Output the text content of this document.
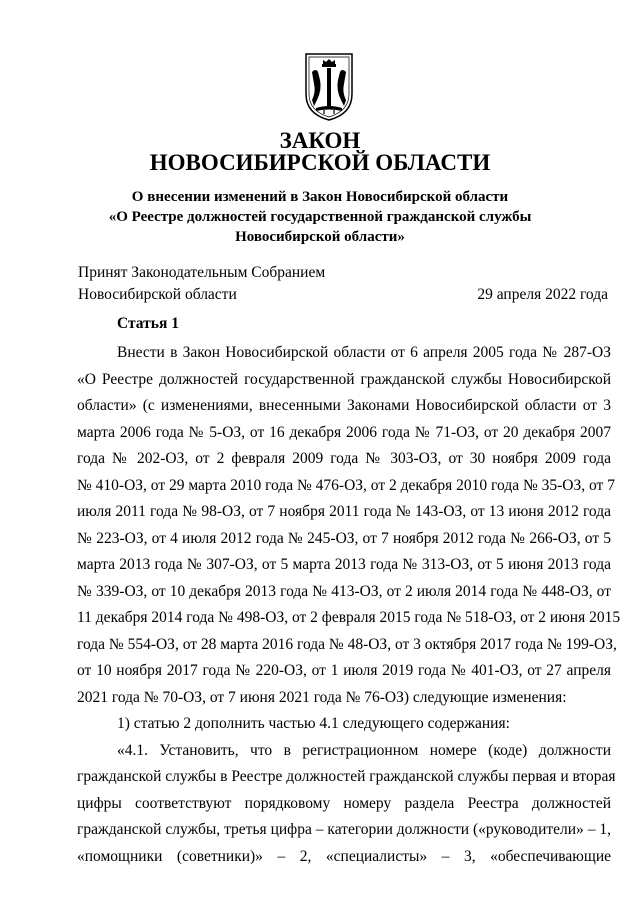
ЗАКОН
НОВОСИБИРСКОЙ ОБЛАСТИ
О внесении изменений в Закон Новосибирской области
«О Реестре должностей государственной гражданской службы
Новосибирской области»
Принят Законодательным Собранием
Новосибирской области	29 апреля 2022 года
Статья 1
Внести в Закон Новосибирской области от 6 апреля 2005 года № 287-ОЗ
«О Реестре должностей государственной гражданской службы Новосибирской
области» (с изменениями, внесенными Законами Новосибирской области от 3
марта 2006 года № 5-ОЗ, от 16 декабря 2006 года № 71-ОЗ, от 20 декабря 2007
года № 202-ОЗ, от 2 февраля 2009 года № 303-ОЗ, от 30 ноября 2009 года
№ 410-ОЗ, от 29 марта 2010 года № 476-ОЗ, от 2 декабря 2010 года № 35-ОЗ, от 7
июля 2011 года № 98-ОЗ, от 7 ноября 2011 года № 143-ОЗ, от 13 июня 2012 года
№ 223-ОЗ, от 4 июля 2012 года № 245-ОЗ, от 7 ноября 2012 года № 266-ОЗ, от 5
марта 2013 года № 307-ОЗ, от 5 марта 2013 года № 313-ОЗ, от 5 июня 2013 года
№ 339-ОЗ, от 10 декабря 2013 года № 413-ОЗ, от 2 июля 2014 года № 448-ОЗ, от
11 декабря 2014 года № 498-ОЗ, от 2 февраля 2015 года № 518-ОЗ, от 2 июня 2015
года № 554-ОЗ, от 28 марта 2016 года № 48-ОЗ, от 3 октября 2017 года № 199-ОЗ,
от 10 ноября 2017 года № 220-ОЗ, от 1 июля 2019 года № 401-ОЗ, от 27 апреля
2021 года № 70-ОЗ, от 7 июня 2021 года № 76-ОЗ) следующие изменения:
1) статью 2 дополнить частью 4.1 следующего содержания:
«4.1. Установить, что в регистрационном номере (коде) должности
гражданской службы в Реестре должностей гражданской службы первая и вторая
цифры соответствуют порядковому номеру раздела Реестра должностей
гражданской службы, третья цифра – категории должности («руководители» – 1,
«помощники (советники)» – 2, «специалисты» – 3, «обеспечивающие
